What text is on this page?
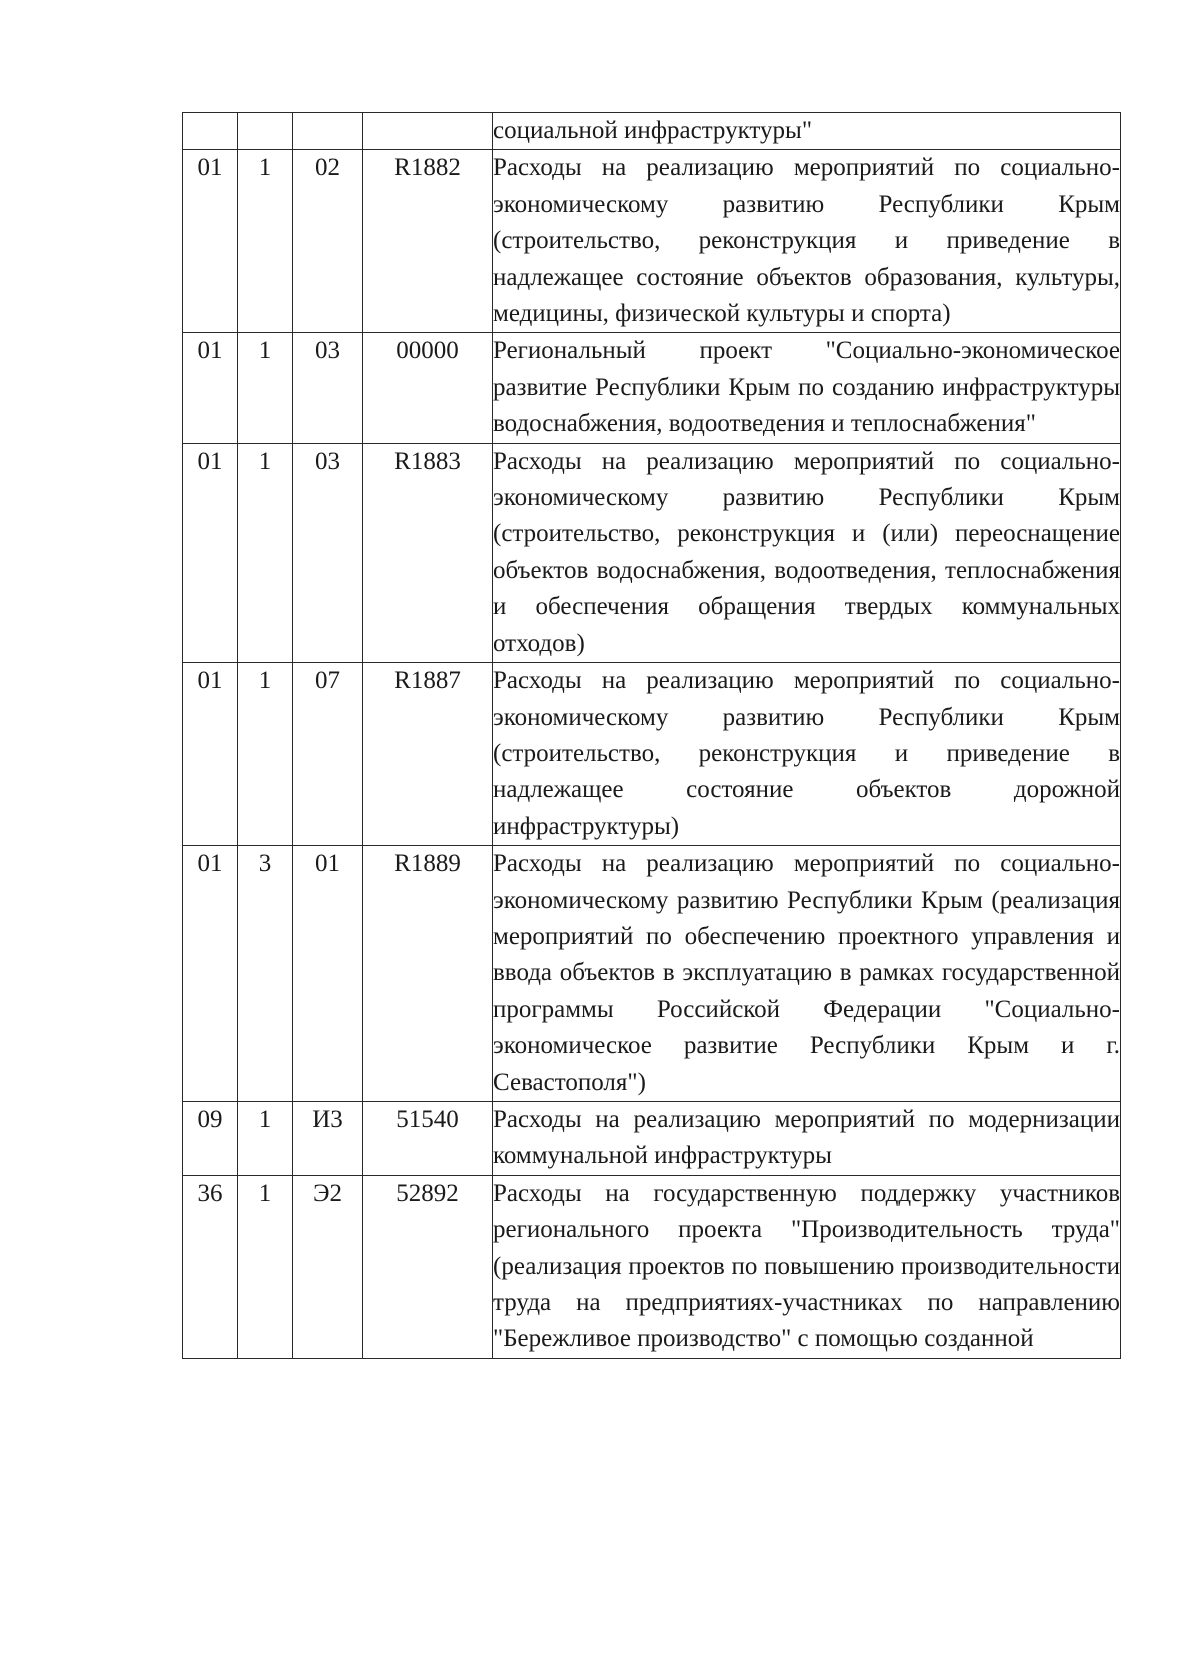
				социальной инфраструктуры"
01	1	02	R1882	Расходы на реализацию мероприятий по социально-экономическому развитию Республики Крым (строительство, реконструкция и приведение в надлежащее состояние объектов образования, культуры, медицины, физической культуры и спорта)
01	1	03	00000	Региональный проект "Социально-экономическое развитие Республики Крым по созданию инфраструктуры водоснабжения, водоотведения и теплоснабжения"
01	1	03	R1883	Расходы на реализацию мероприятий по социально-экономическому развитию Республики Крым (строительство, реконструкция и (или) переоснащение объектов водоснабжения, водоотведения, теплоснабжения и обеспечения обращения твердых коммунальных отходов)
01	1	07	R1887	Расходы на реализацию мероприятий по социально-экономическому развитию Республики Крым (строительство, реконструкция и приведение в надлежащее состояние объектов дорожной инфраструктуры)
01	3	01	R1889	Расходы на реализацию мероприятий по социально-экономическому развитию Республики Крым (реализация мероприятий по обеспечению проектного управления и ввода объектов в эксплуатацию в рамках государственной программы Российской Федерации "Социально-экономическое развитие Республики Крым и г. Севастополя")
09	1	И3	51540	Расходы на реализацию мероприятий по модернизации коммунальной инфраструктуры
36	1	Э2	52892	Расходы на государственную поддержку участников регионального проекта "Производительность труда" (реализация проектов по повышению производительности труда на предприятиях-участниках по направлению "Бережливое производство" с помощью созданной
